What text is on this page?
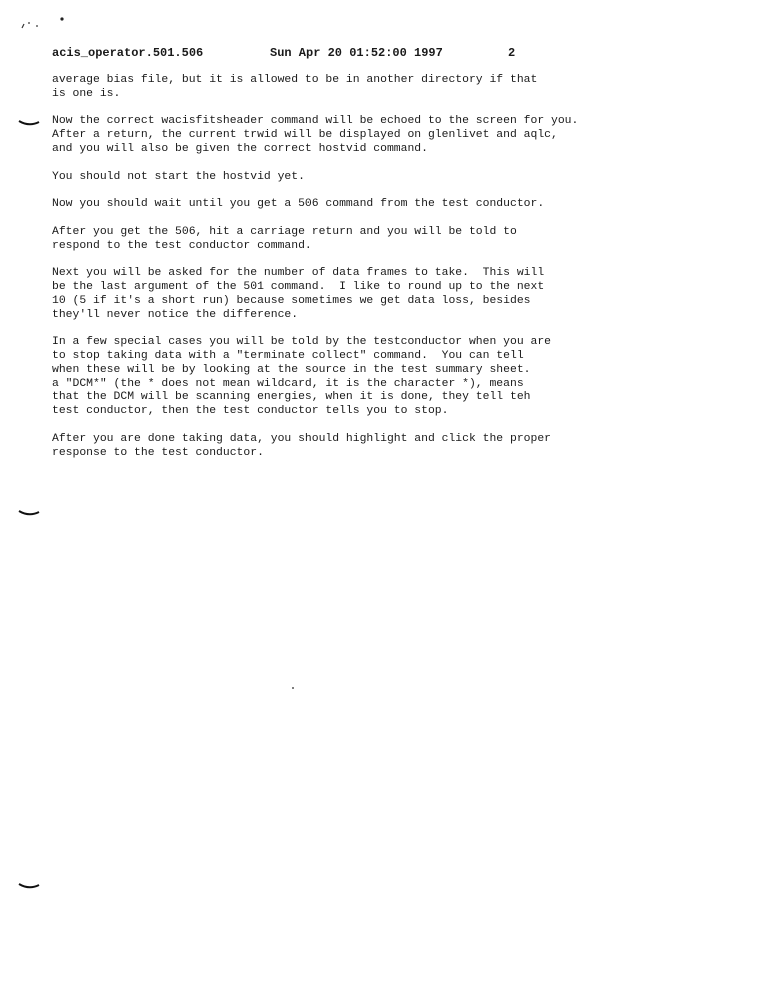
acis_operator.501.506

	Sun Apr 20 01:52:00 1997

	2

average bias file, but it is allowed to be in another directory if that
is one is.

Now the correct wacisfitsheader command will be echoed to the screen for you.
After a return, the current trwid will be displayed on glenlivet and aqlc,
and you will also be given the correct hostvid command.

You should not start the hostvid yet.

Now you should wait until you get a 506 command from the test conductor.

After you get the 506, hit a carriage return and you will be told to
respond to the test conductor command.

Next you will be asked for the number of data frames to take.  This will
be the last argument of the 501 command.  I like to round up to the next
10 (5 if it's a short run) because sometimes we get data loss, besides
they'll never notice the difference.

In a few special cases you will be told by the testconductor when you are
to stop taking data with a "terminate collect" command.  You can tell
when these will be by looking at the source in the test summary sheet.
a "DCM*" (the * does not mean wildcard, it is the character *), means
that the DCM will be scanning energies, when it is done, they tell teh
test conductor, then the test conductor tells you to stop.

After you are done taking data, you should highlight and click the proper
response to the test conductor.
